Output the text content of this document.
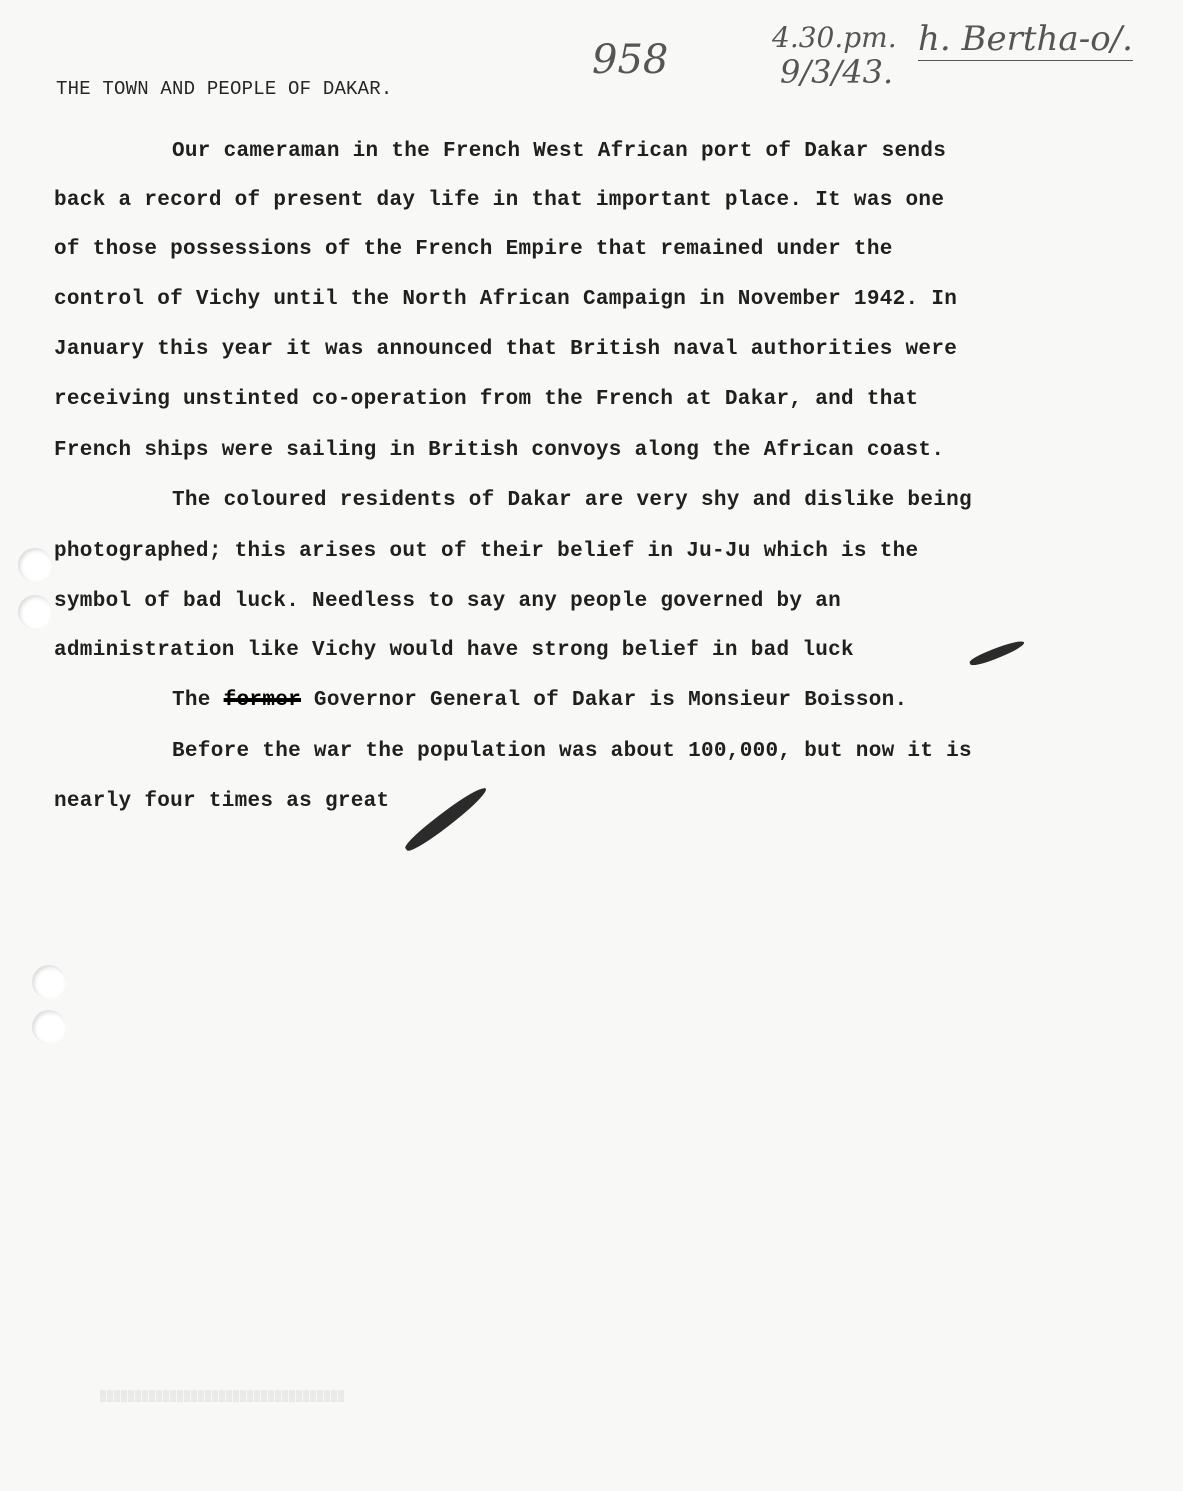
958	4.30.pm.
9/3/43.
h. Bertha-o/.
THE TOWN AND PEOPLE OF DAKAR.
Our cameraman in the French West African port of Dakar sends
back a record of present day life in that important place. It was one
of those possessions of the French Empire that remained under the
control of Vichy until the North African Campaign in November 1942. In
January this year it was announced that British naval authorities were
receiving unstinted co-operation from the French at Dakar, and that
French ships were sailing in British convoys along the African coast.
The coloured residents of Dakar are very shy and dislike being
photographed; this arises out of their belief in Ju-Ju which is the
symbol of bad luck. Needless to say any people governed by an
administration like Vichy would have strong belief in bad luck
The former Governor General of Dakar is Monsieur Boisson.
Before the war the population was about 100,000, but now it is
nearly four times as great
▒▒▒▒▒▒▒▒▒▒▒▒▒▒▒▒▒▒▒▒▒▒▒▒▒▒▒▒▒▒▒▒▒▒▒
